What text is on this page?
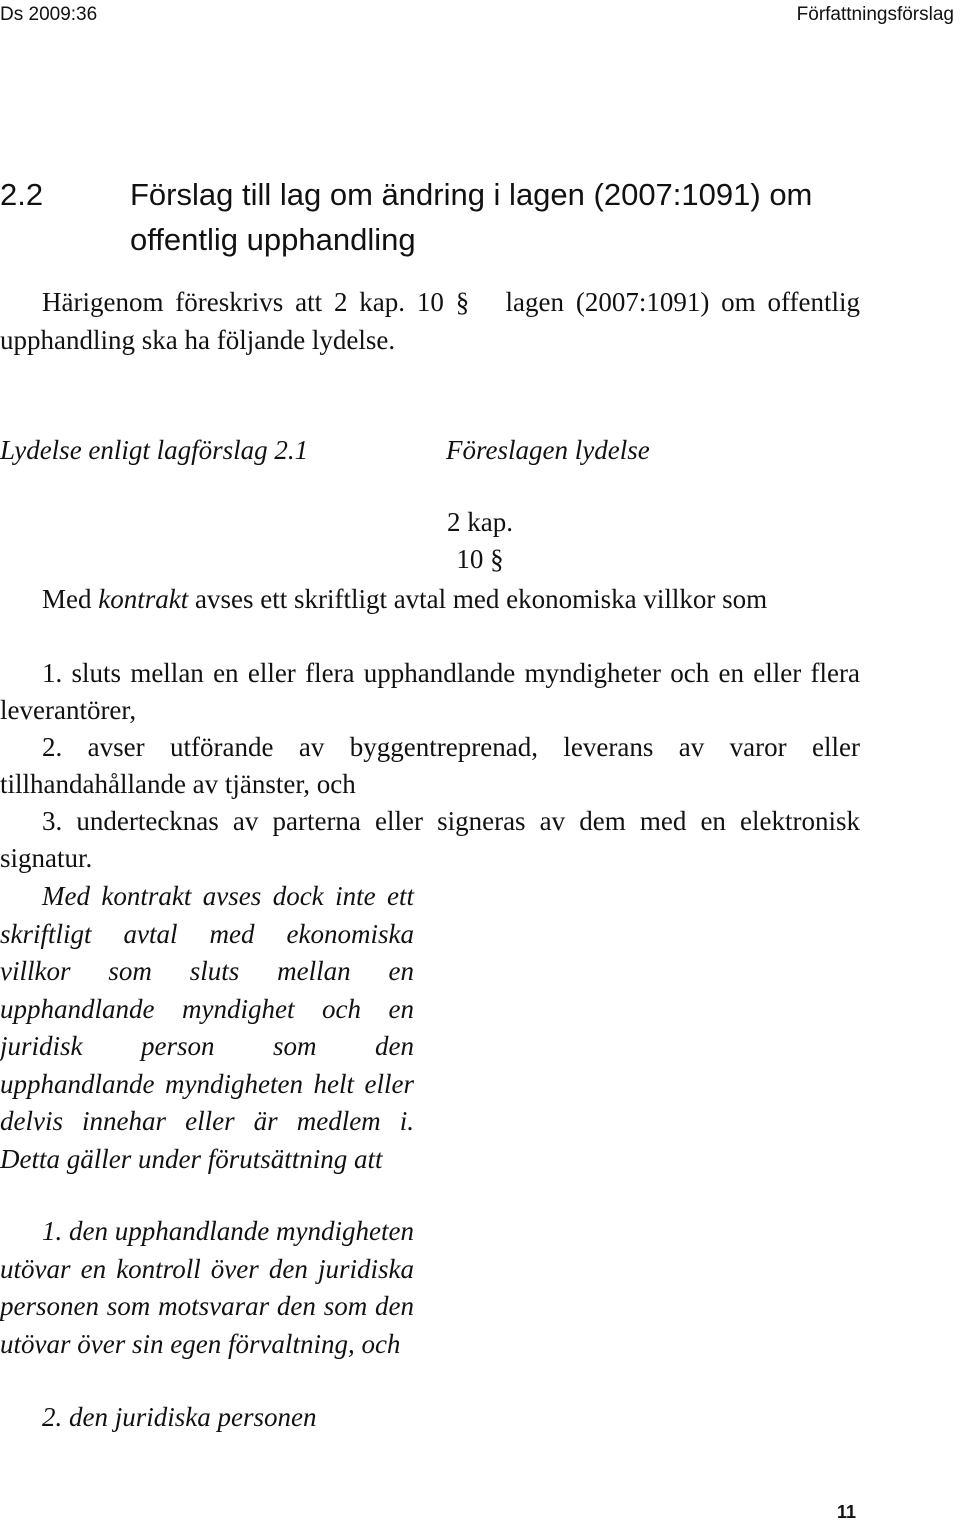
Ds 2009:36	Författningsförslag
2.2	Förslag till lag om ändring i lagen (2007:1091) om offentlig upphandling

Härigenom föreskrivs att 2 kap. 10 § lagen (2007:1091) om offentlig upphandling ska ha följande lydelse.

Lydelse enligt lagförslag 2.1	Föreslagen lydelse

2 kap.

10 §

Med kontrakt avses ett skriftligt avtal med ekonomiska villkor som

1. sluts mellan en eller flera upphandlande myndigheter och en eller flera leverantörer,

2. avser utförande av byggentreprenad, leverans av varor eller tillhandahållande av tjänster, och

3. undertecknas av parterna eller signeras av dem med en elektronisk signatur.

Med kontrakt avses dock inte ett skriftligt avtal med ekonomiska villkor som sluts mellan en upphandlande myndighet och en juridisk person som den upphandlande myndigheten helt eller delvis innehar eller är medlem i. Detta gäller under förutsättning att

1. den upphandlande myndigheten utövar en kontroll över den juridiska personen som motsvarar den som den utövar över sin egen förvaltning, och

2. den juridiska personen

11
